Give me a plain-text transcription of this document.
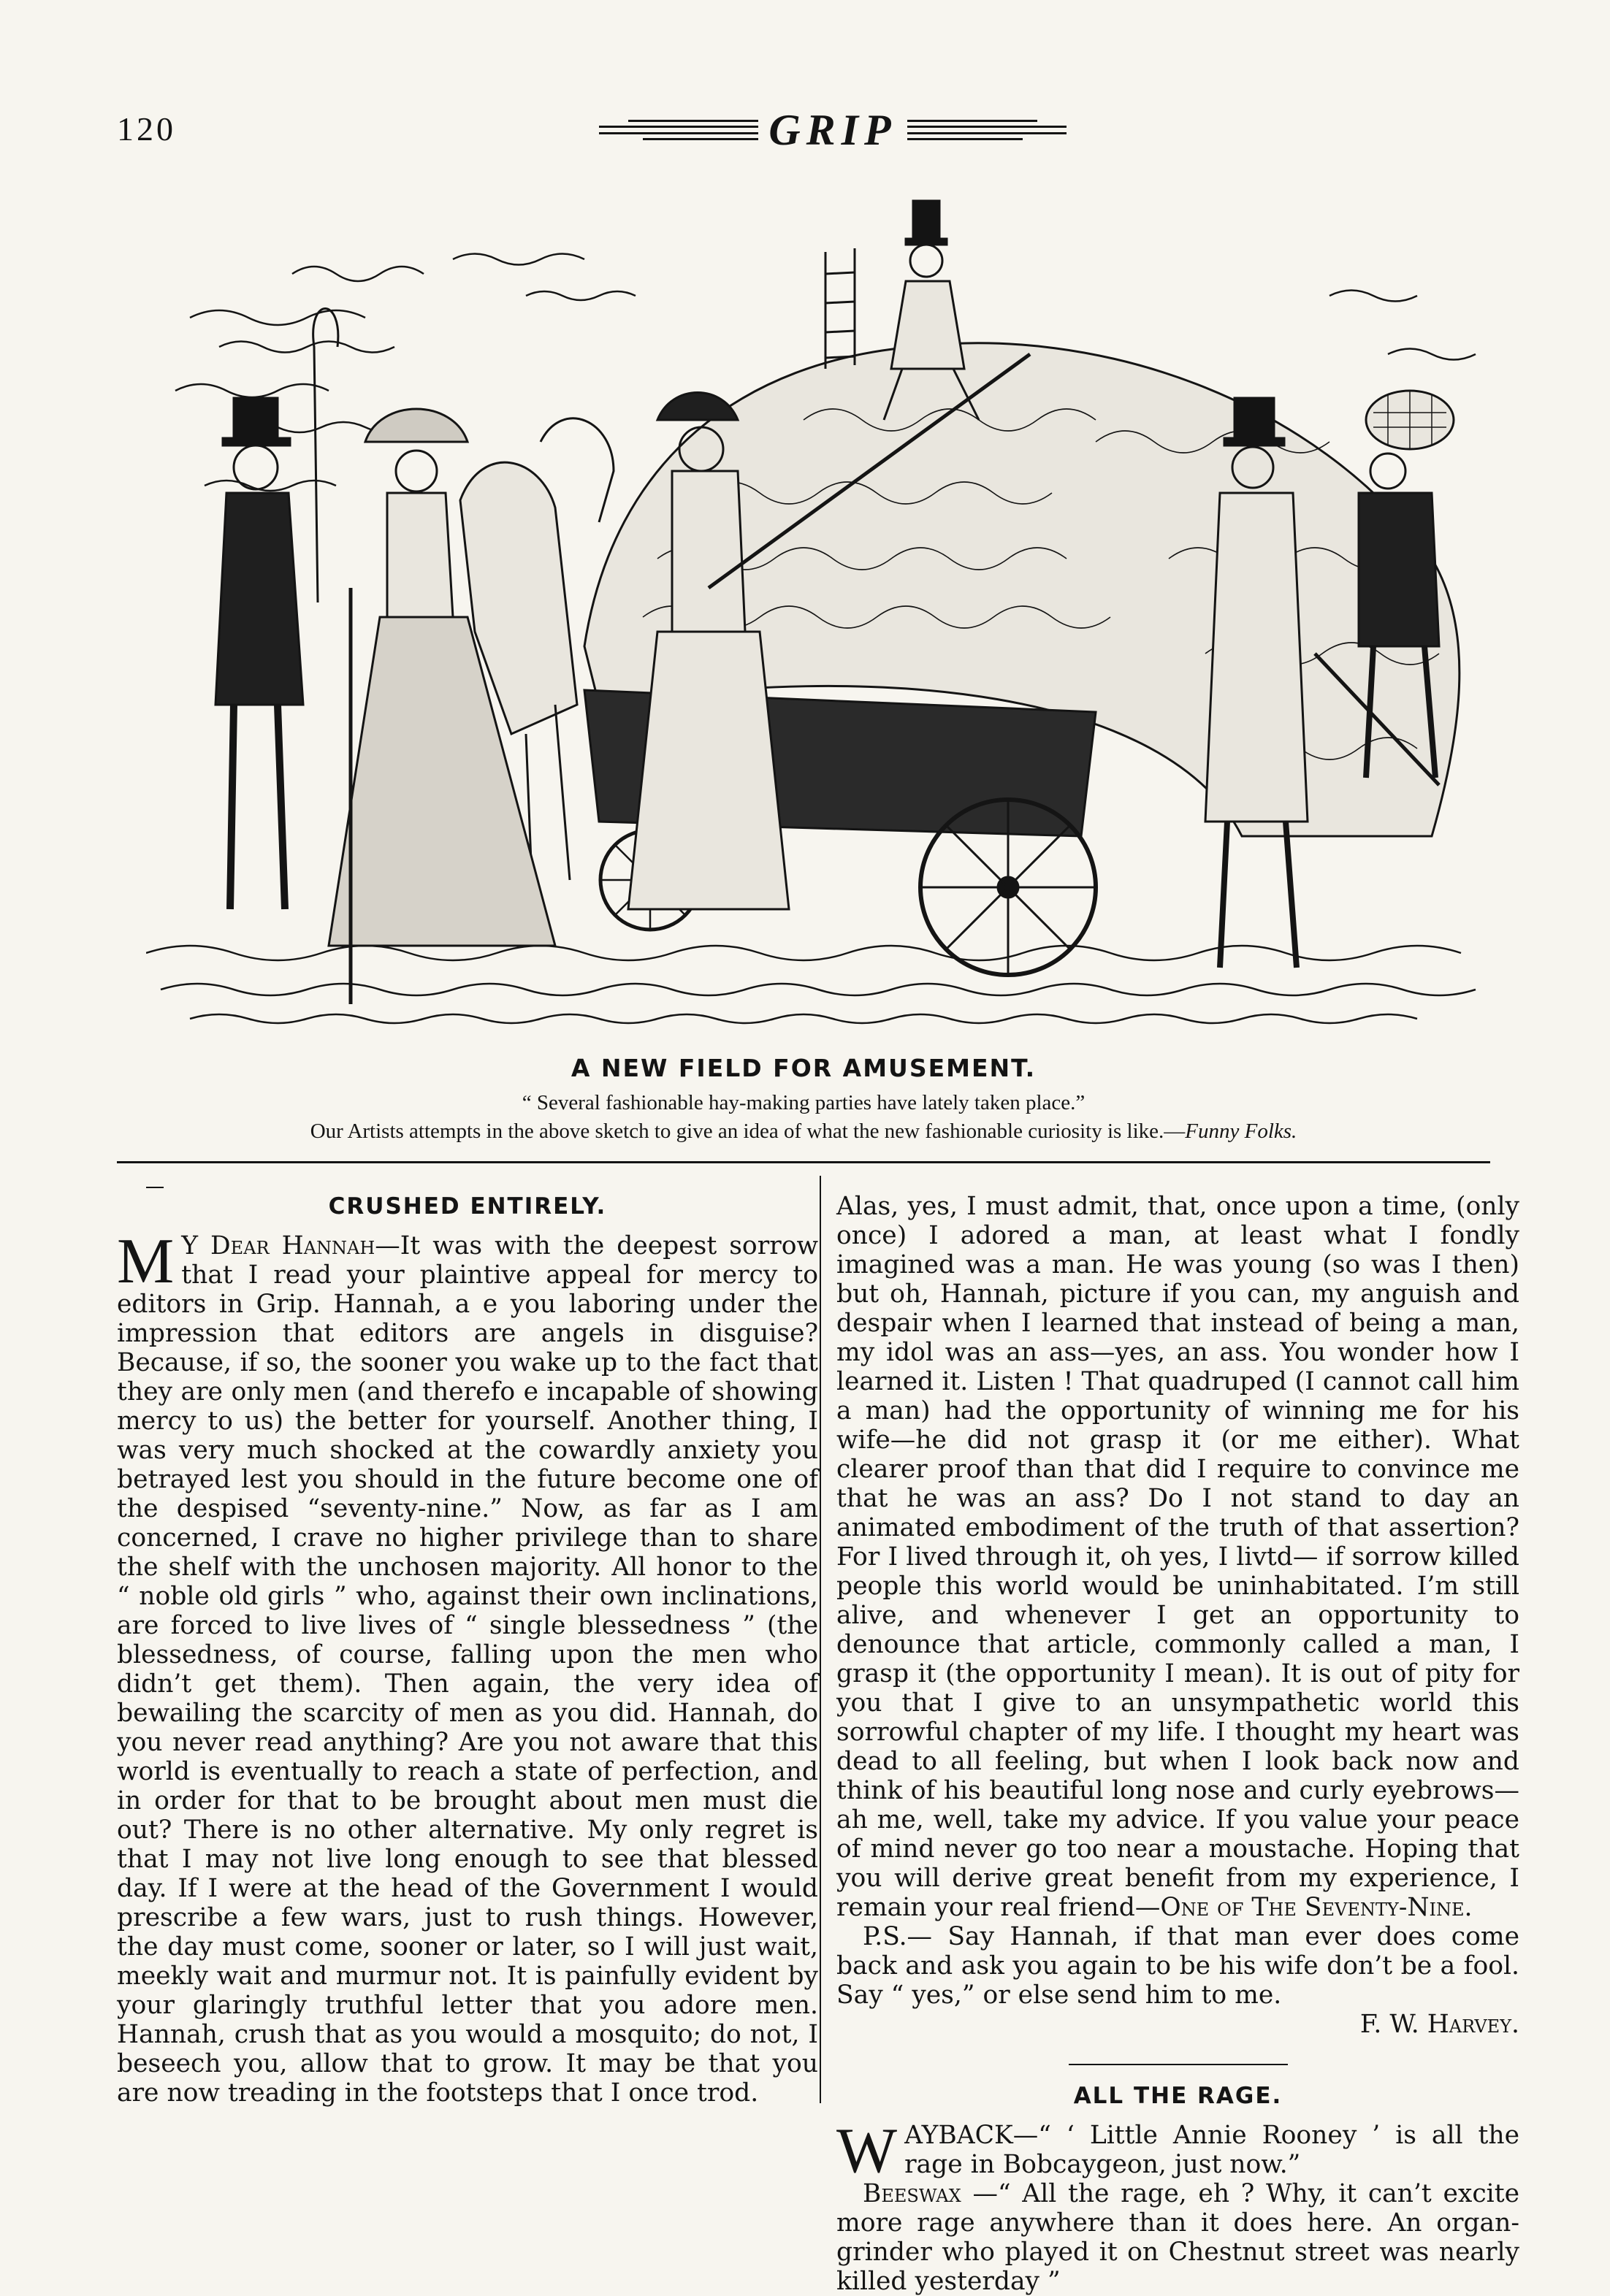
120	GRIP
A NEW FIELD FOR AMUSEMENT.
“ Several fashionable hay-making parties have lately taken place.”
Our Artists attempts in the above sketch to give an idea of what the new fashionable curiosity is like.—Funny Folks.
CRUSHED ENTIRELY.

M Y Dear Hannah—It was with the deepest sorrow that I read your plaintive appeal for mercy to editors in Grip. Hannah, a e you laboring under the impression that editors are angels in disguise? Because, if so, the sooner you wake up to the fact that they are only men (and therefo e incapable of showing mercy to us) the better for yourself. Another thing, I was very much shocked at the cowardly anxiety you betrayed lest you should in the future become one of the despised “seventy-nine.” Now, as far as I am concerned, I crave no higher privilege than to share the shelf with the unchosen majority. All honor to the “ noble old girls ” who, against their own inclinations, are forced to live lives of “ single blessedness ” (the blessedness, of course, falling upon the men who didn’t get them). Then again, the very idea of bewailing the scarcity of men as you did. Hannah, do you never read anything? Are you not aware that this world is eventually to reach a state of perfection, and in order for that to be brought about men must die out? There is no other alternative. My only regret is that I may not live long enough to see that blessed day. If I were at the head of the Government I would prescribe a few wars, just to rush things. However, the day must come, sooner or later, so I will just wait, meekly wait and murmur not. It is painfully evident by your glaringly truthful letter that you adore men. Hannah, crush that as you would a mosquito; do not, I beseech you, allow that to grow. It may be that you are now treading in the footsteps that I once trod.

Alas, yes, I must admit, that, once upon a time, (only once) I adored a man, at least what I fondly imagined was a man. He was young (so was I then) but oh, Hannah, picture if you can, my anguish and despair when I learned that instead of being a man, my idol was an ass—yes, an ass. You wonder how I learned it. Listen ! That quadruped (I cannot call him a man) had the opportunity of winning me for his wife—he did not grasp it (or me either). What clearer proof than that did I require to convince me that he was an ass? Do I not stand to day an animated embodiment of the truth of that assertion? For I lived through it, oh yes, I livtd— if sorrow killed people this world would be uninhabitated. I’m still alive, and whenever I get an opportunity to denounce that article, commonly called a man, I grasp it (the opportunity I mean). It is out of pity for you that I give to an unsympathetic world this sorrowful chapter of my life. I thought my heart was dead to all feeling, but when I look back now and think of his beautiful long nose and curly eyebrows—ah me, well, take my advice. If you value your peace of mind never go too near a moustache. Hoping that you will derive great benefit from my experience, I remain your real friend—One of The Seventy-Nine.

P.S.— Say Hannah, if that man ever does come back and ask you again to be his wife don’t be a fool. Say “ yes,” or else send him to me.
F. W. Harvey.

ALL THE RAGE.

WAYBACK—“ ‘ Little Annie Rooney ’ is all the rage in Bobcaygeon, just now.”

Beeswax —“ All the rage, eh ? Why, it can’t excite more rage anywhere than it does here. An organ-grinder who played it on Chestnut street was nearly killed yesterday ”
